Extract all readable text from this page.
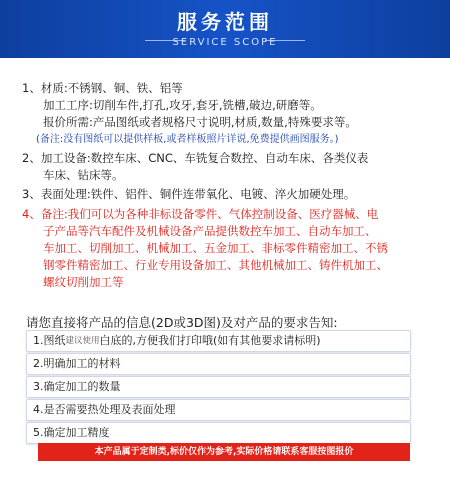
服务范围
SERVICE SCOPE
1、材质:不锈钢、铜、铁、铝等
加工工序:切削车件,打孔,攻牙,套牙,铣槽,破边,研磨等。
报价所需:产品图纸或者规格尺寸说明,材质,数量,特殊要求等。
(备注:没有图纸可以提供样板,或者样板照片详说,免费提供画图服务。)
2、加工设备:数控车床、CNC、车铣复合数控、自动车床、各类仪表
车床、钻床等。
3、表面处理:铁件、铝件、铜件连带氧化、电镀、淬火加硬处理。
4、备注:我们可以为各种非标设备零件、气体控制设备、医疗器械、电
子产品等汽车配件及机械设备产品提供数控车加工、自动车加工、
车加工、切削加工、机械加工、五金加工、非标零件精密加工、不锈
钢零件精密加工、行业专用设备加工、其他机械加工、铸件机加工、
螺纹切削加工等
请您直接将产品的信息(2D或3D图)及对产品的要求告知:
1.图纸 建议使用 白底的,方便我们打印哦(如有其他要求请标明)
2.明确加工的材料
3.确定加工的数量
4.是否需要热处理及表面处理
5.确定加工精度
本产品属于定制类,标价仅作为参考,实际价格请联系客服按图报价
